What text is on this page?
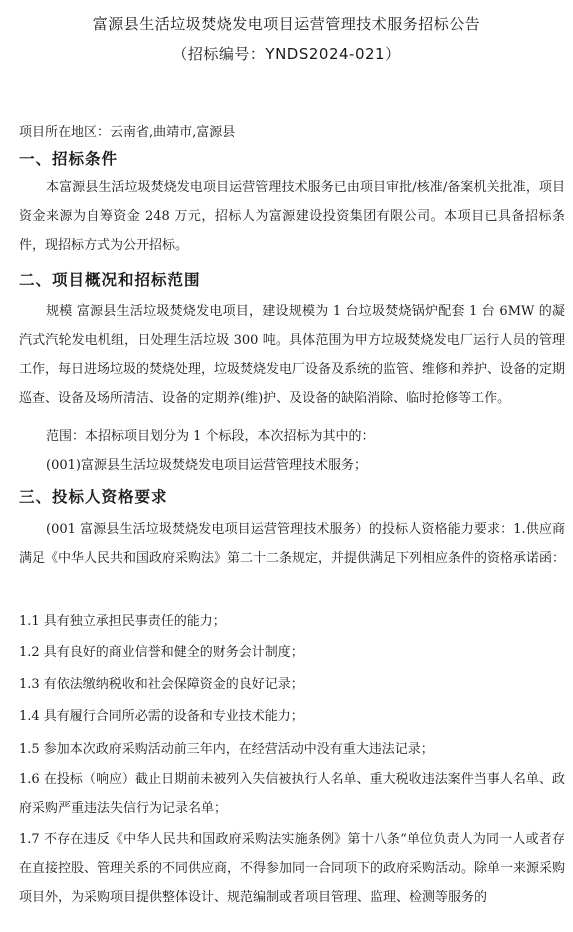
富源县生活垃圾焚烧发电项目运营管理技术服务招标公告
（招标编号：YNDS2024-021）
项目所在地区：云南省,曲靖市,富源县
一、招标条件

本富源县生活垃圾焚烧发电项目运营管理技术服务已由项目审批/核准/备案机关批准，项目资金来源为自筹资金 248 万元，招标人为富源建设投资集团有限公司。本项目已具备招标条件，现招标方式为公开招标。

二、项目概况和招标范围

规模 富源县生活垃圾焚烧发电项目，建设规模为 1 台垃圾焚烧锅炉配套 1 台 6MW 的凝汽式汽轮发电机组，日处理生活垃圾 300 吨。具体范围为甲方垃圾焚烧发电厂运行人员的管理工作，每日进场垃圾的焚烧处理，垃圾焚烧发电厂设备及系统的监管、维修和养护、设备的定期巡查、设备及场所清洁、设备的定期养(维)护、及设备的缺陷消除、临时抢修等工作。

范围：本招标项目划分为 1 个标段，本次招标为其中的：

(001)富源县生活垃圾焚烧发电项目运营管理技术服务；

三、投标人资格要求

(001 富源县生活垃圾焚烧发电项目运营管理技术服务）的投标人资格能力要求：1.供应商满足《中华人民共和国政府采购法》第二十二条规定，并提供满足下列相应条件的资格承诺函：

1.1 具有独立承担民事责任的能力；

1.2 具有良好的商业信誉和健全的财务会计制度；

1.3 有依法缴纳税收和社会保障资金的良好记录；

1.4 具有履行合同所必需的设备和专业技术能力；

1.5 参加本次政府采购活动前三年内，在经营活动中没有重大违法记录；

1.6 在投标（响应）截止日期前未被列入失信被执行人名单、重大税收违法案件当事人名单、政府采购严重违法失信行为记录名单；

1.7 不存在违反《中华人民共和国政府采购法实施条例》第十八条“单位负责人为同一人或者存在直接控股、管理关系的不同供应商，不得参加同一合同项下的政府采购活动。除单一来源采购项目外，为采购项目提供整体设计、规范编制或者项目管理、监理、检测等服务的
